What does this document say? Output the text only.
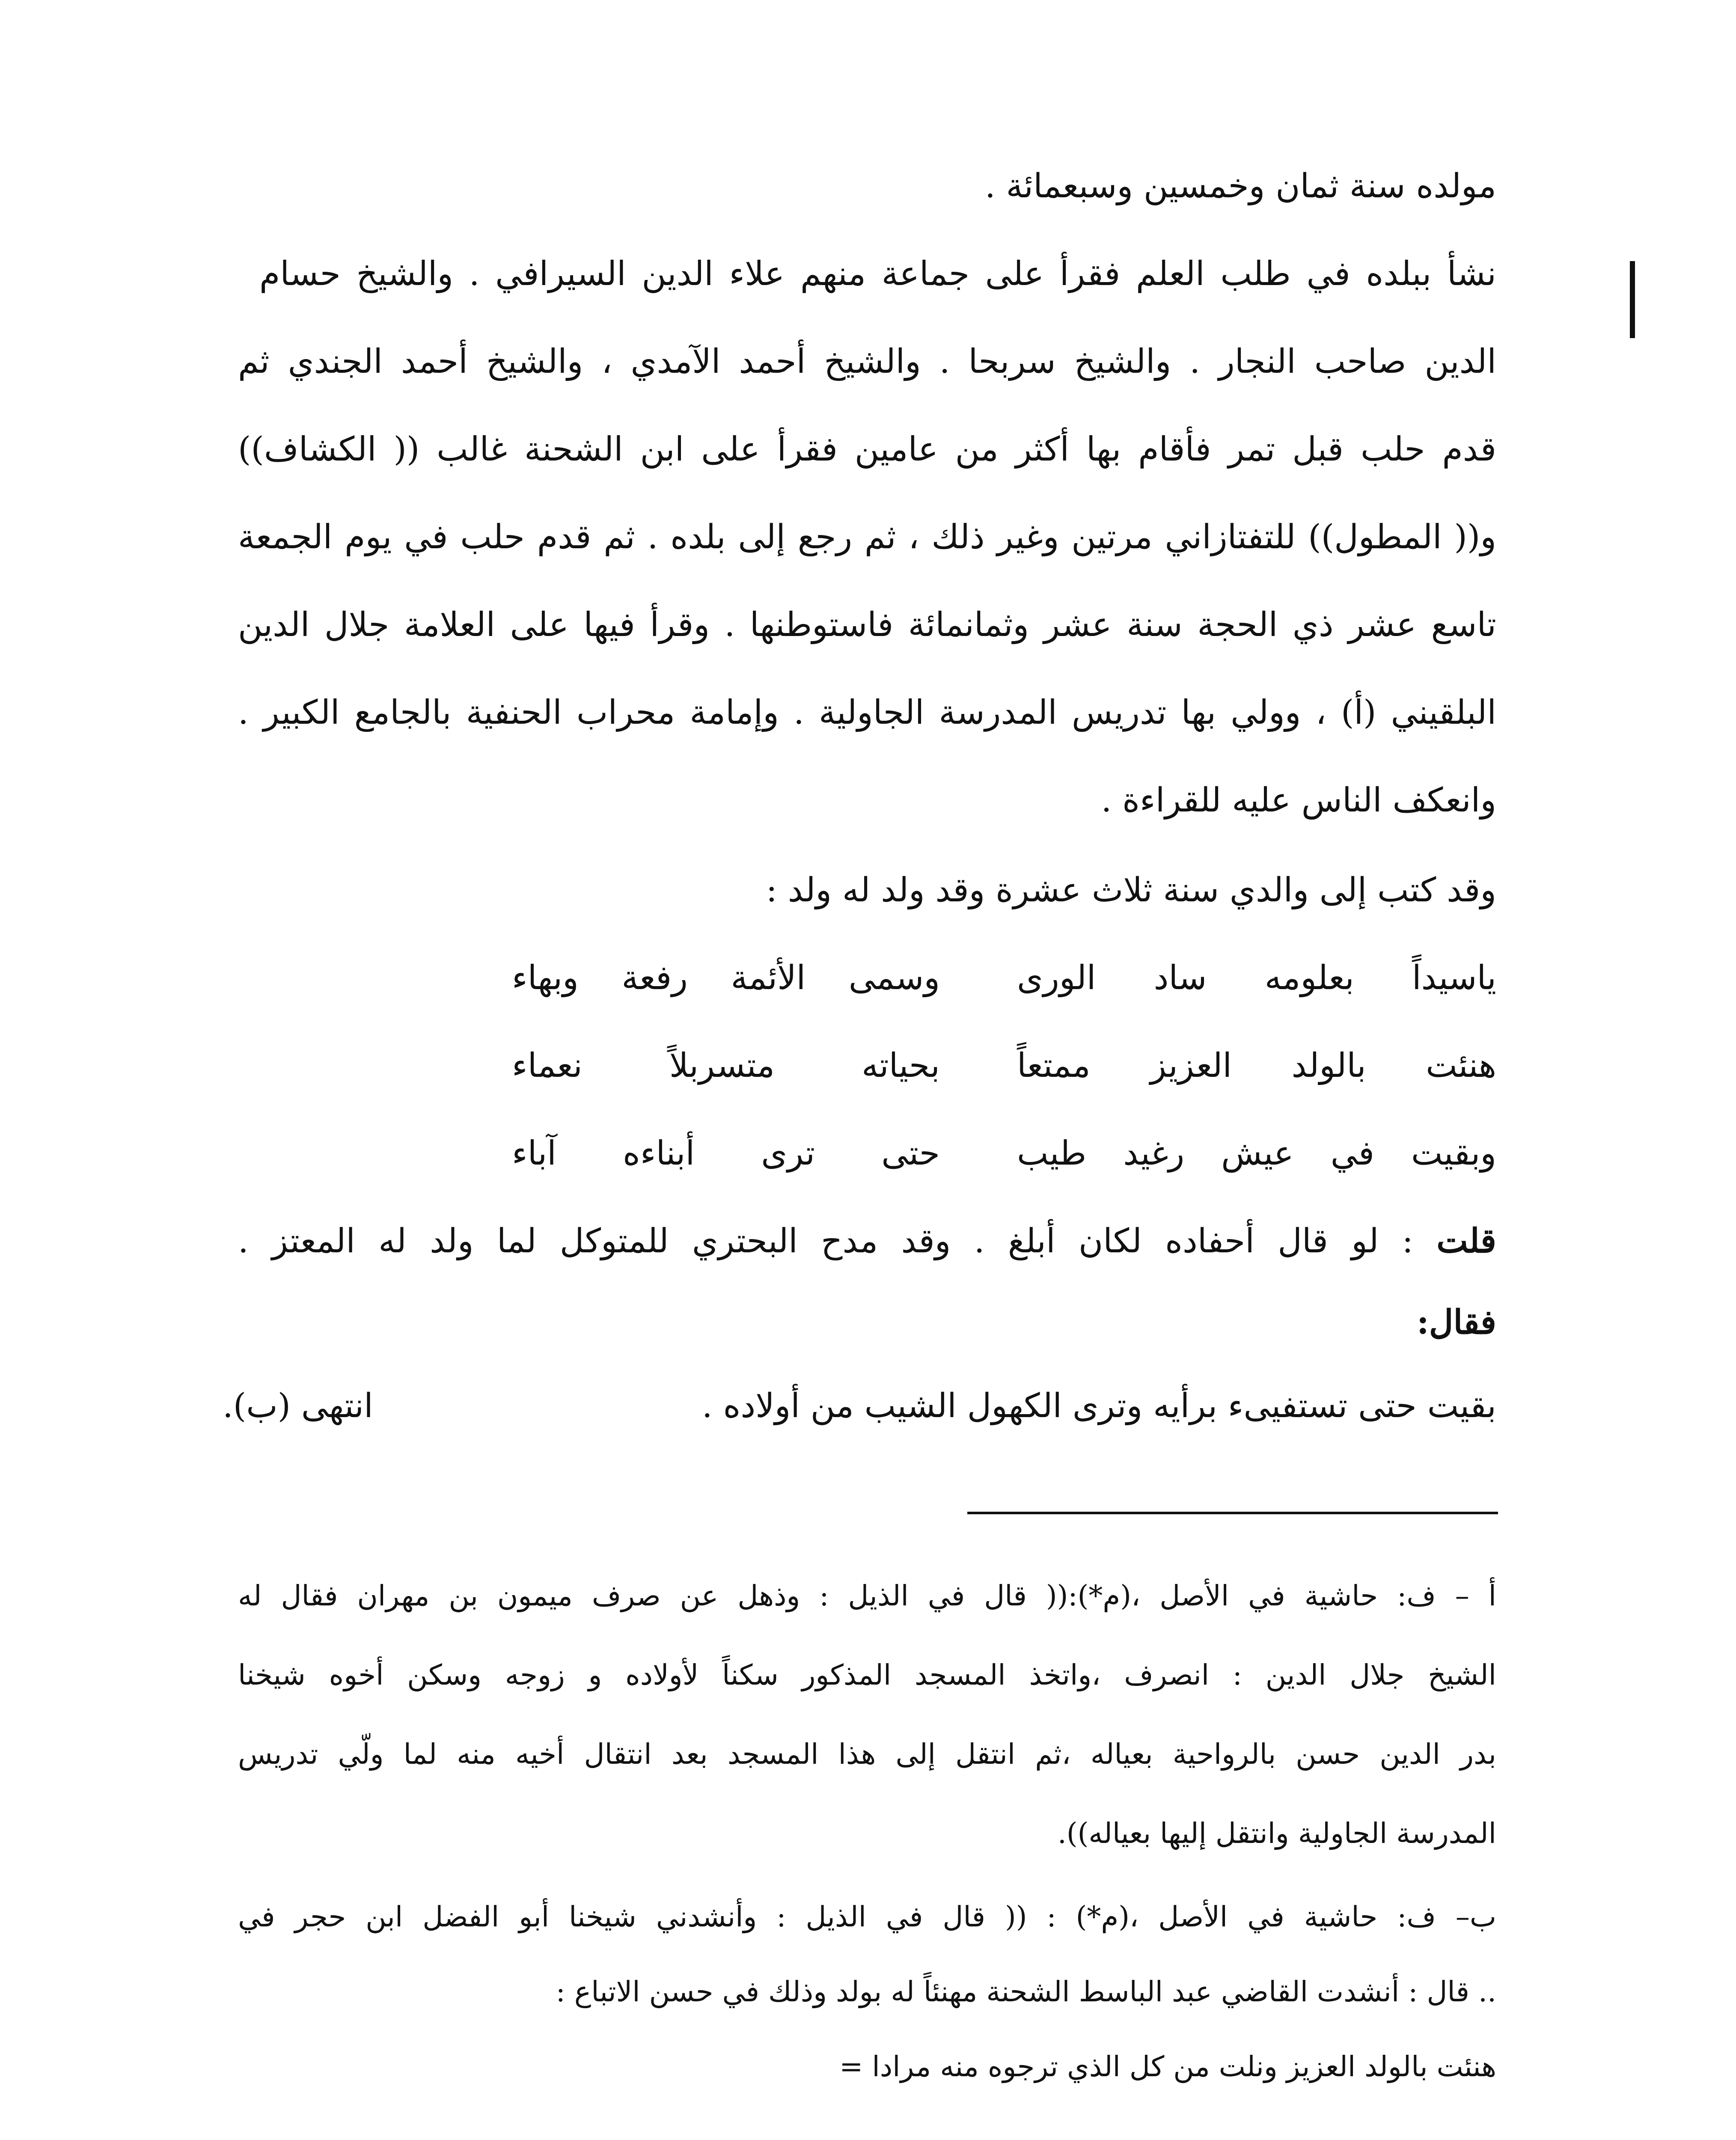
مولده سنة ثمان وخمسين وسبعمائة .
نشأ ببلده في طلب العلم فقرأ على جماعة منهم علاء الدين السيرافي . والشيخ حسام
الدين صاحب النجار . والشيخ سربحا . والشيخ أحمد الآمدي ، والشيخ أحمد الجندي ثم
قدم حلب قبل تمر فأقام بها أكثر من عامين فقرأ على ابن الشحنة غالب (( الكشاف))
و(( المطول)) للتفتازاني مرتين وغير ذلك ، ثم رجع إلى بلده . ثم قدم حلب في يوم الجمعة
تاسع عشر ذي الحجة سنة عشر وثمانمائة فاستوطنها . وقرأ فيها على العلامة جلال الدين
البلقيني (أ) ، وولي بها تدريس المدرسة الجاولية . وإمامة محراب الحنفية بالجامع الكبير .
وانعكف الناس عليه للقراءة .
وقد كتب إلى والدي سنة ثلاث عشرة وقد ولد له ولد :
ياسيداً بعلومه ساد الورى
وسمى الأئمة رفعة وبهاء
هنئت بالولد العزيز ممتعاً
بحياته متسربلاً نعماء
وبقيت في عيش رغيد طيب
حتى ترى أبناءه آباء
قلت : لو قال أحفاده لكان أبلغ . وقد مدح البحتري للمتوكل لما ولد له المعتز .
فقال:
بقيت حتى تستفيىء برأيه وترى الكهول الشيب من أولاده .
انتهى (ب).
أ – ف: حاشية في الأصل ،(م*):(( قال في الذيل : وذهل عن صرف ميمون بن مهران فقال له
الشيخ جلال الدين : انصرف ،واتخذ المسجد المذكور سكناً لأولاده و زوجه وسكن أخوه شيخنا
بدر الدين حسن بالرواحية بعياله ،ثم انتقل إلى هذا المسجد بعد انتقال أخيه منه لما ولّي تدريس
المدرسة الجاولية وانتقل إليها بعياله)).
ب– ف: حاشية في الأصل ،(م*) : (( قال في الذيل : وأنشدني شيخنا أبو الفضل ابن حجر في
.. قال : أنشدت القاضي عبد الباسط الشحنة مهنئاً له بولد وذلك في حسن الاتباع :
هنئت بالولد العزيز ونلت من كل الذي ترجوه منه مرادا =
